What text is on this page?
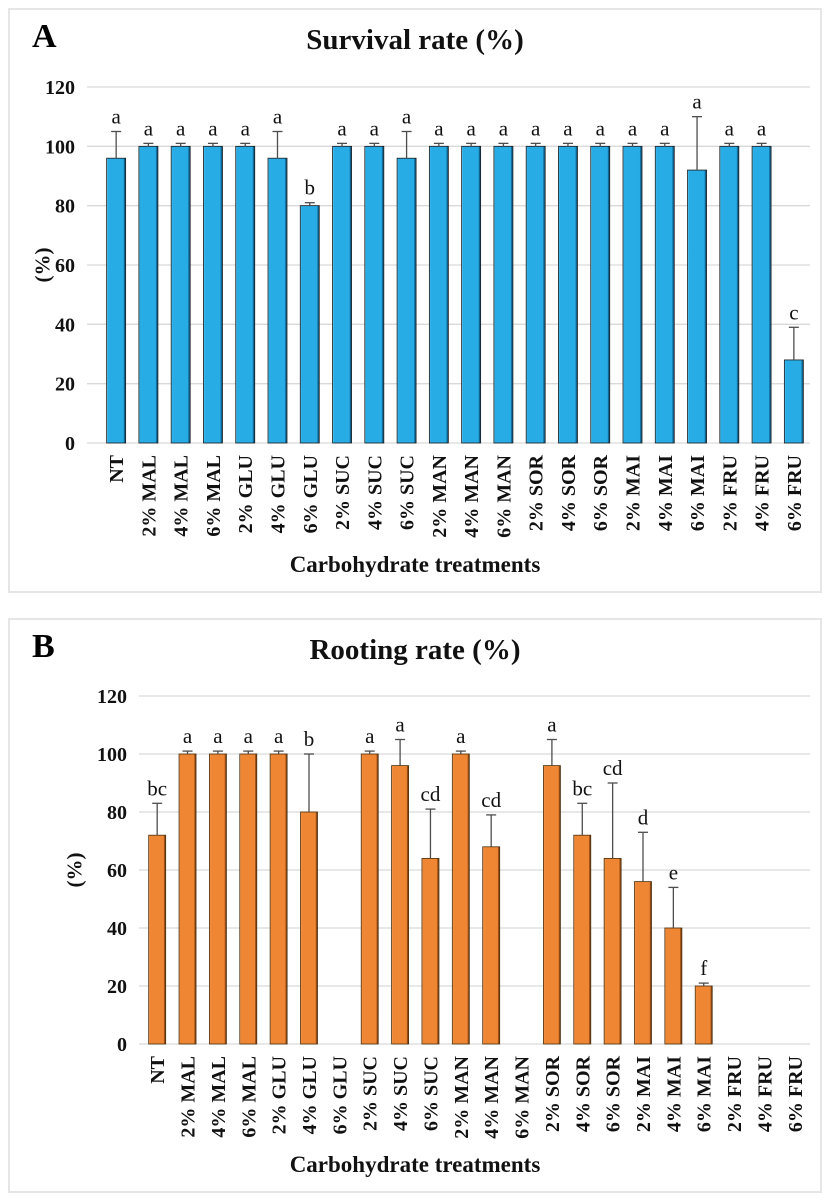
0
20
40
60
80
100
120
(%)
a
NT
a
2% MAL
a
4% MAL
a
6% MAL
a
2% GLU
a
4% GLU
b
6% GLU
a
2% SUC
a
4% SUC
a
6% SUC
a
2% MAN
a
4% MAN
a
6% MAN
a
2% SOR
a
4% SOR
a
6% SOR
a
2% MAI
a
4% MAI
a
6% MAI
a
2% FRU
a
4% FRU
c
6% FRU
A	Survival rate (%)
Carbohydrate treatments
0
20
40
60
80
100
120
(%)
bc
NT
a
2% MAL
a
4% MAL
a
6% MAL
a
2% GLU
b
4% GLU 6% GLU
a
2% SUC
a
4% SUC
cd
6% SUC
a
2% MAN
cd
4% MAN 6% MAN
a
2% SOR
bc
4% SOR
cd
6% SOR
d
2% MAI
e
4% MAI
f
6% MAI 2% FRU 4% FRU 6% FRU
B	Rooting rate (%)
Carbohydrate treatments
